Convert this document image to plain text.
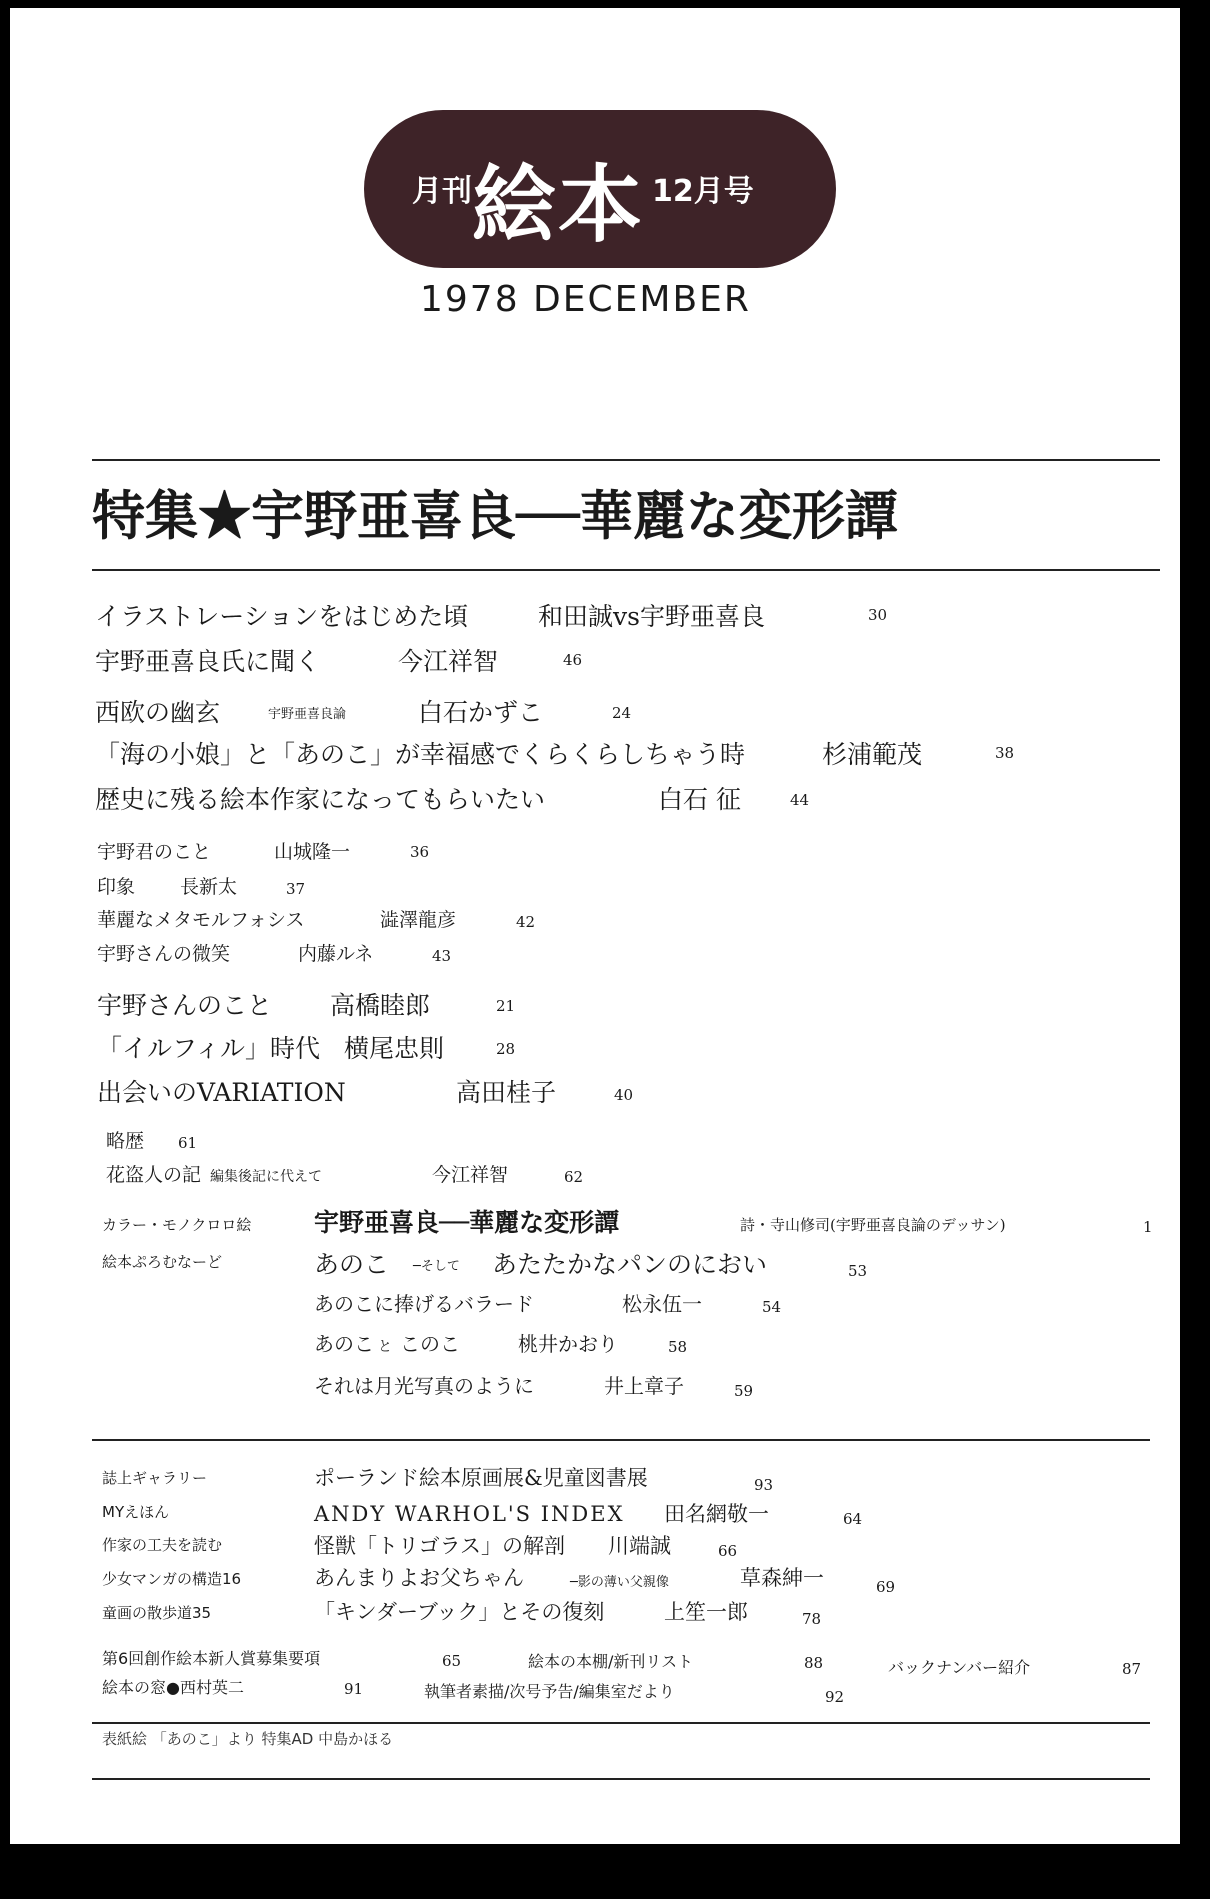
月刊 絵本 12月号
1978 DECEMBER
特集★宇野亜喜良──華麗な変形譚
イラストレーションをはじめた頃	和田誠vs宇野亜喜良	30
宇野亜喜良氏に聞く	今江祥智	46
西欧の幽玄	宇野亜喜良論	白石かずこ	24
「海の小娘」と「あのこ」が幸福感でくらくらしちゃう時	杉浦範茂	38
歴史に残る絵本作家になってもらいたい	白石 征	44
宇野君のこと	山城隆一	36
印象 長新太	37
華麗なメタモルフォシス	澁澤龍彦	42
宇野さんの微笑	内藤ルネ	43
宇野さんのこと 高橋睦郎	21
「イルフィル」時代 横尾忠則	28
出会いのVARIATION	高田桂子	40
略歴 61
花盗人の記 編集後記に代えて	今江祥智	62
カラー・モノクロロ絵	宇野亜喜良──華麗な変形譚	詩・寺山修司(宇野亜喜良論のデッサン)	1
絵本ぷろむなーど	あのこ ─そして あたたかなパンのにおい	53
あのこに捧げるバラード	松永伍一	54
あのこ と このこ	桃井かおり	58
それは月光写真のように	井上章子	59
誌上ギャラリー	ポーランド絵本原画展&児童図書展	93
MYえほん	ANDY WARHOL'S INDEX 田名網敬一	64
作家の工夫を読む	怪獣「トリゴラス」の解剖 川端誠	66
少女マンガの構造16	あんまりよお父ちゃん	─影の薄い父親像	草森紳一	69
童画の散歩道35	「キンダーブック」とその復刻	上笙一郎	78
第6回創作絵本新人賞募集要項	65	絵本の本棚/新刊リスト	88	バックナンバー紹介	87
絵本の窓●西村英二	91	執筆者素描/次号予告/編集室だより	92
表紙絵 「あのこ」より 特集AD 中島かほる
